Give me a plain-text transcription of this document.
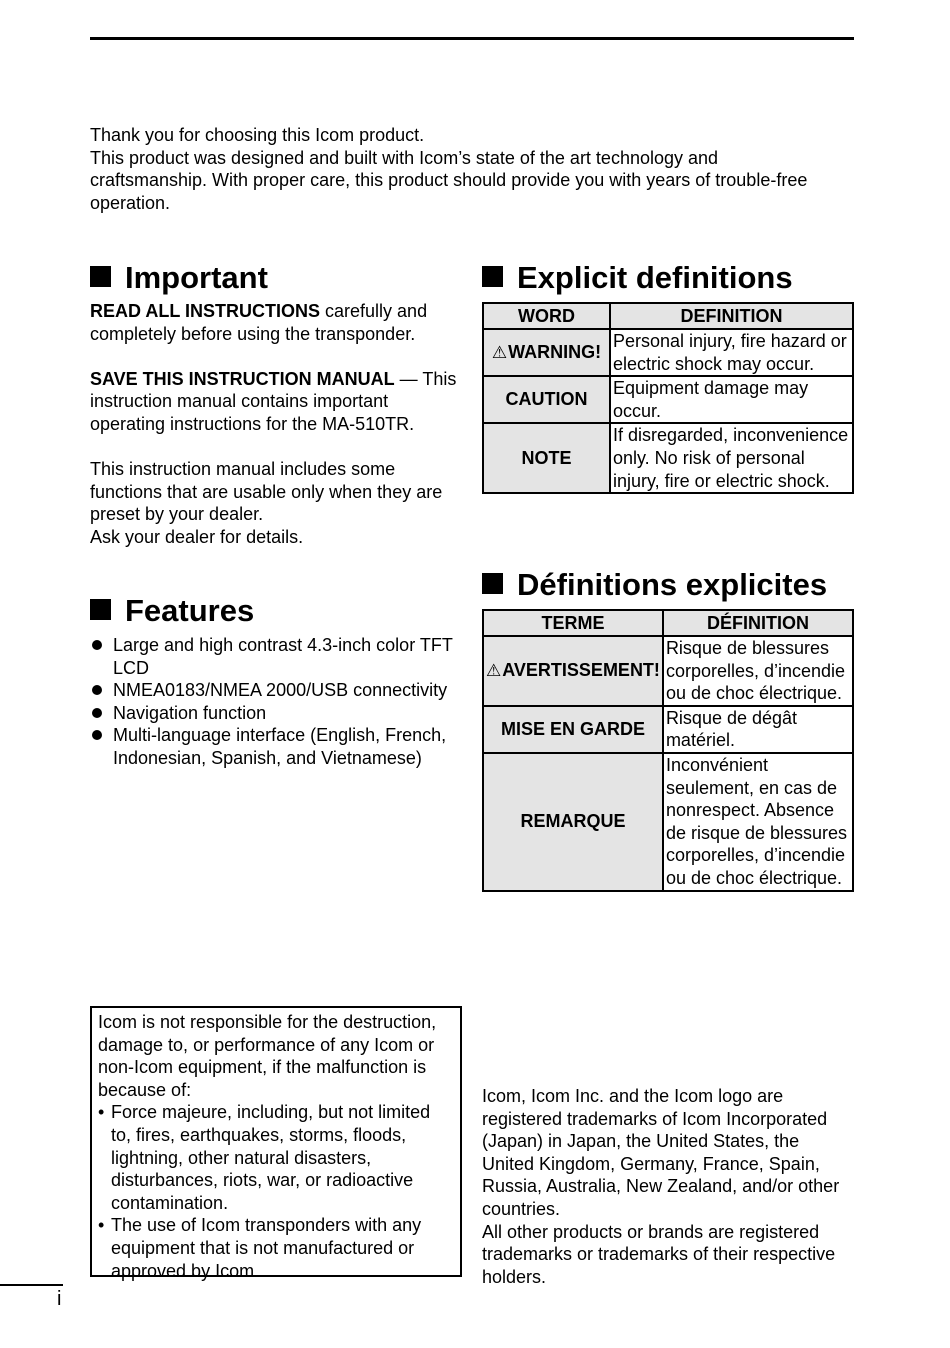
Thank you for choosing this Icom product.

This product was designed and built with Icom’s state of the art technology and craftsmanship. With proper care, this product should provide you with years of trouble-free operation.

Important

READ ALL INSTRUCTIONS carefully and completely before using the transponder.

SAVE THIS INSTRUCTION MANUAL — This instruction manual contains important operating instructions for the MA-510TR.

This instruction manual includes some functions that are usable only when they are preset by your dealer.

Ask your dealer for details.

Features
Large and high contrast 4.3-inch color TFT LCD
NMEA0183/NMEA 2000/USB connectivity
Navigation function
Multi-language interface (English, French, Indonesian, Spanish, and Vietnamese)
Explicit definitions
WORD	DEFINITION
⚠WARNING!	Personal injury, fire hazard or electric shock may occur.
CAUTION	Equipment damage may occur.
NOTE	If disregarded, inconvenience only. No risk of personal injury, fire or electric shock.
Définitions explicites
TERME	DÉFINITION
⚠AVERTISSEMENT!	Risque de blessures corporelles, d’incendie ou de choc électrique.
MISE EN GARDE	Risque de dégât matériel.
REMARQUE	Inconvénient seulement, en cas de nonrespect. Absence de risque de blessures corporelles, d’incendie ou de choc électrique.

Icom is not responsible for the destruction, damage to, or performance of any Icom or non-Icom equipment, if the malfunction is because of:

• Force majeure, including, but not limited to, fires, earthquakes, storms, floods, lightning, other natural disasters, disturbances, riots, war, or radioactive contamination.
• The use of Icom transponders with any equipment that is not manufactured or approved by Icom.

Icom, Icom Inc. and the Icom logo are registered trademarks of Icom Incorporated (Japan) in Japan, the United States, the United Kingdom, Germany, France, Spain, Russia, Australia, New Zealand, and/or other countries.

All other products or brands are registered trademarks or trademarks of their respective holders.

i
